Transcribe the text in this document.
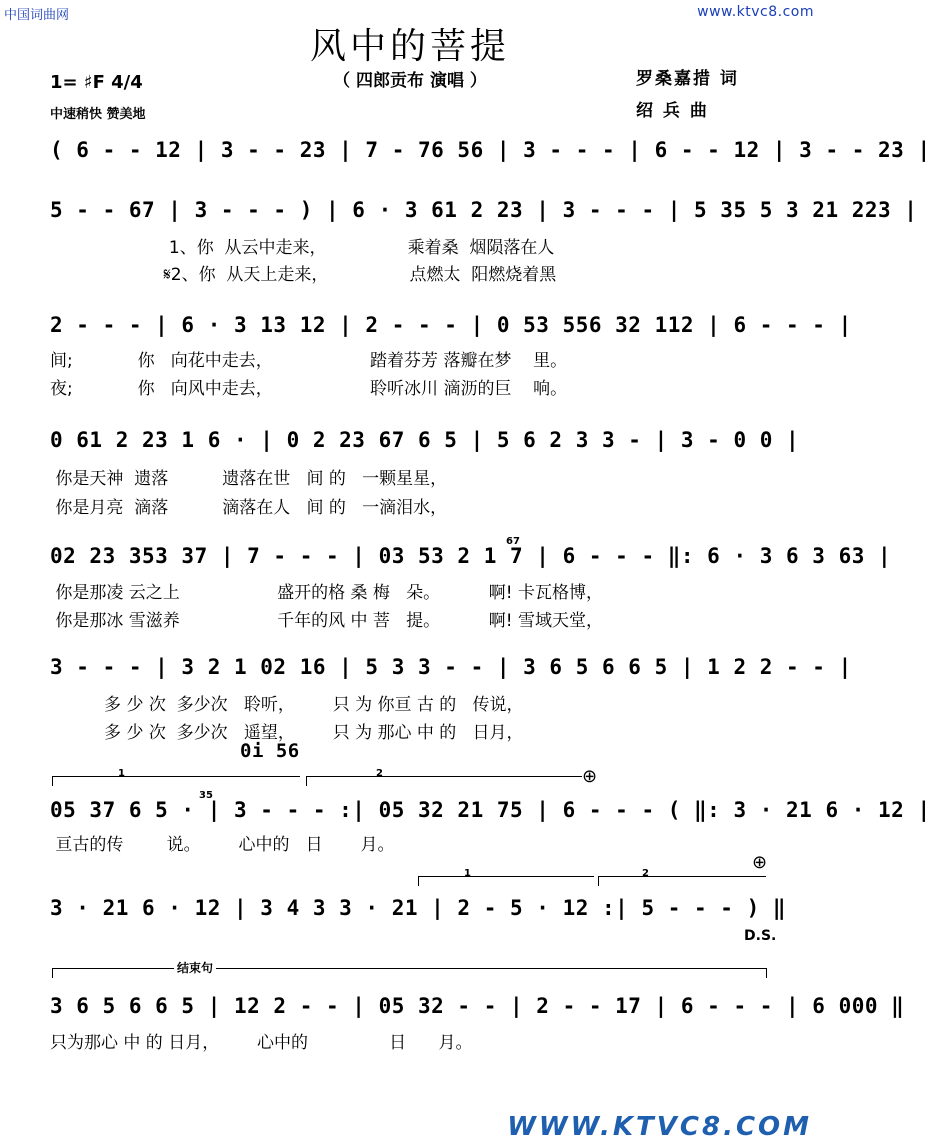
中国词曲网	www.ktvc8.com
风中的菩提
（ 四郎贡布 演唱 ）
1= ♯F 4/4
中速稍快 赞美地
罗桑嘉措 词
绍 兵 曲
( 6 - - 12 | 3 - - 23 | 7 - 76 56 | 3 - - - | 6 - - 12 | 3 - - 23 |
5 - - 67 | 3 - - - ) | 6 · 3 61 2 23 | 3 - - - | 5 35 5 3 21 223 |
1、你  从云中走来，               乘着桑  烟陨落在人
𝄋2、你  从天上走来，               点燃太  阳燃烧着黑
2 - - - | 6 · 3 13 12 | 2 - - - | 0 53 556 32 112 | 6 - - - |
间;            你   向花中走去，                  踏着芬芳 落瓣在梦    里。
夜;            你   向风中走去，                  聆听冰川 滴沥的巨    响。
0 61 2 23 1 6 · | 0 2 23 67 6 5 | 5 6 2 3 3 - | 3 - 0 0 |
你是天神  遗落          遗落在世   间 的   一颗星星，
你是月亮  滴落          滴落在人   间 的   一滴泪水，
67
02 23 353 37 | 7 - - - | 03 53 2 1 7 | 6 - - - ‖: 6 · 3 6 3 63 |
你是那凌 云之上                  盛开的格 桑 梅   朵。         啊! 卡瓦格博，
你是那冰 雪滋养                  千年的风 中 菩   提。         啊! 雪域天堂，
3 - - - | 3 2 1 02 16 | 5 3 3 - - | 3 6 5 6 6 5 | 1 2 2 - - |
多 少 次  多少次   聆听，       只 为 你亘 古 的   传说，
多 少 次  多少次   遥望，       只 为 那心 中 的   日月，
0i 56
1	2	⊕
35
05 37 6 5 · | 3 - - - :| 05 32 21 75 | 6 - - - ( ‖: 3 · 21 6 · 12 |
亘古的传        说。       心中的   日       月。
⊕
1	2
3 · 21 6 · 12 | 3 4 3 3 · 21 | 2 - 5 · 12 :| 5 - - - ) ‖
D.S.
结束句
3 6 5 6 6 5 | 12 2 - - | 05 32 - - | 2 - - 17 | 6 - - - | 6 000 ‖
只为那心 中 的 日月，       心中的               日      月。
WWW.KTVC8.COM
